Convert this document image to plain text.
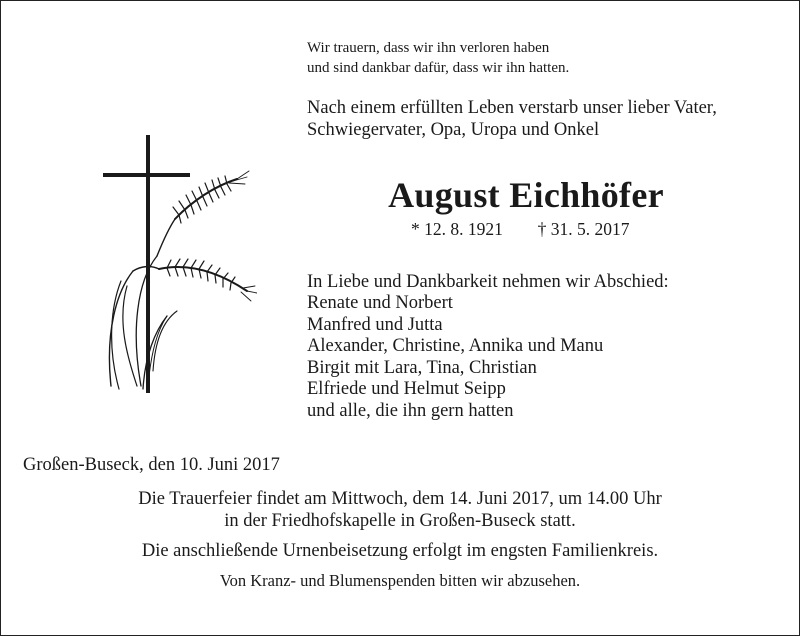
Wir trauern, dass wir ihn verloren haben
und sind dankbar dafür, dass wir ihn hatten.
Nach einem erfüllten Leben verstarb unser lieber Vater,
Schwiegervater, Opa, Uropa und Onkel
August Eichhöfer
* 12. 8. 1921 † 31. 5. 2017
In Liebe und Dankbarkeit nehmen wir Abschied:
Renate und Norbert
Manfred und Jutta
Alexander, Christine, Annika und Manu
Birgit mit Lara, Tina, Christian
Elfriede und Helmut Seipp
und alle, die ihn gern hatten
Großen-Buseck, den 10. Juni 2017
Die Trauerfeier findet am Mittwoch, dem 14. Juni 2017, um 14.00 Uhr
in der Friedhofskapelle in Großen-Buseck statt.
Die anschließende Urnenbeisetzung erfolgt im engsten Familienkreis.
Von Kranz- und Blumenspenden bitten wir abzusehen.
